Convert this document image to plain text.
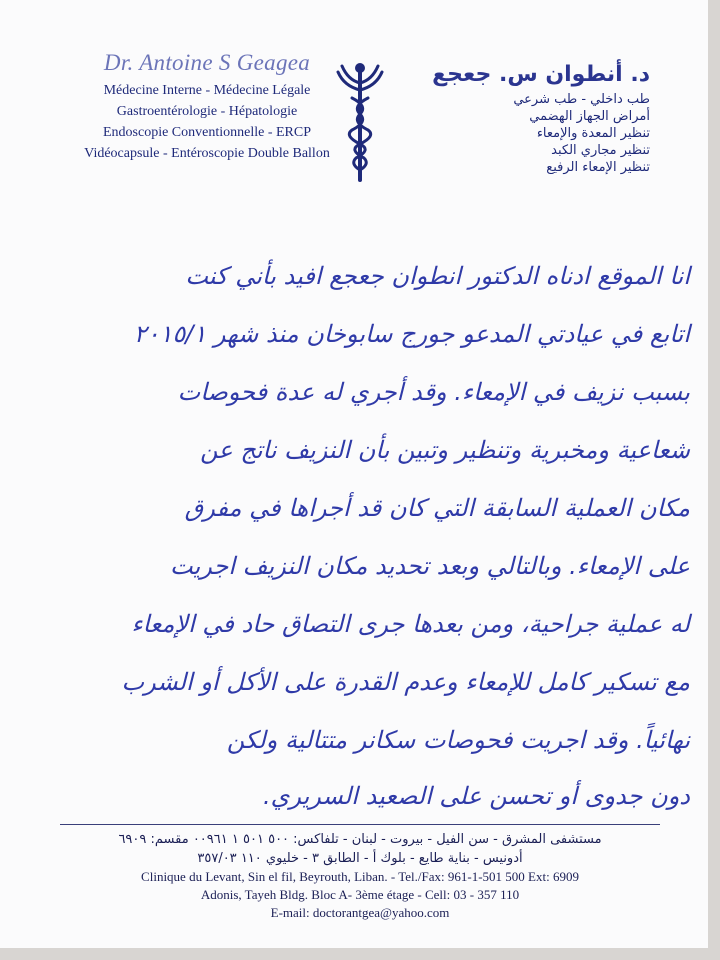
Dr. Antoine S Geagea
Médecine Interne - Médecine Légale
Gastroentérologie - Hépatologie
Endoscopie Conventionnelle - ERCP
Vidéocapsule - Entéroscopie Double Ballon
د. أنطوان س. جعجع
طب داخلي - طب شرعي
أمراض الجهاز الهضمي
تنظير المعدة والإمعاء
تنظير مجاري الكبد
تنظير الإمعاء الرفيع
انا الموقع ادناه الدكتور انطوان جعجع افيد بأني كنت
اتابع في عيادتي المدعو جورج سابوخان منذ شهر ٢٠١٥/١
بسبب نزيف في الإمعاء. وقد أجري له عدة فحوصات
شعاعية ومخبرية وتنظير وتبين بأن النزيف ناتج عن
مكان العملية السابقة التي كان قد أجراها في مفرق
على الإمعاء. وبالتالي وبعد تحديد مكان النزيف اجريت
له عملية جراحية، ومن بعدها جرى التصاق حاد في الإمعاء
مع تسكير كامل للإمعاء وعدم القدرة على الأكل أو الشرب
نهائياً. وقد اجريت فحوصات سكانر متتالية ولكن
دون جدوى أو تحسن على الصعيد السريري.
مستشفى المشرق - سن الفيل - بيروت - لبنان - تلفاكس: ٥٠٠ ٥٠١ ١ ٠٠٩٦١ مقسم: ٦٩٠٩
أدونيس - بناية طايع - بلوك أ - الطابق ٣ - خليوي ١١٠ ٣٥٧/٠٣
Clinique du Levant, Sin el fil, Beyrouth, Liban. - Tel./Fax: 961-1-501 500 Ext: 6909
Adonis, Tayeh Bldg. Bloc A- 3ème étage - Cell: 03 - 357 110
E-mail: doctorantgea@yahoo.com
